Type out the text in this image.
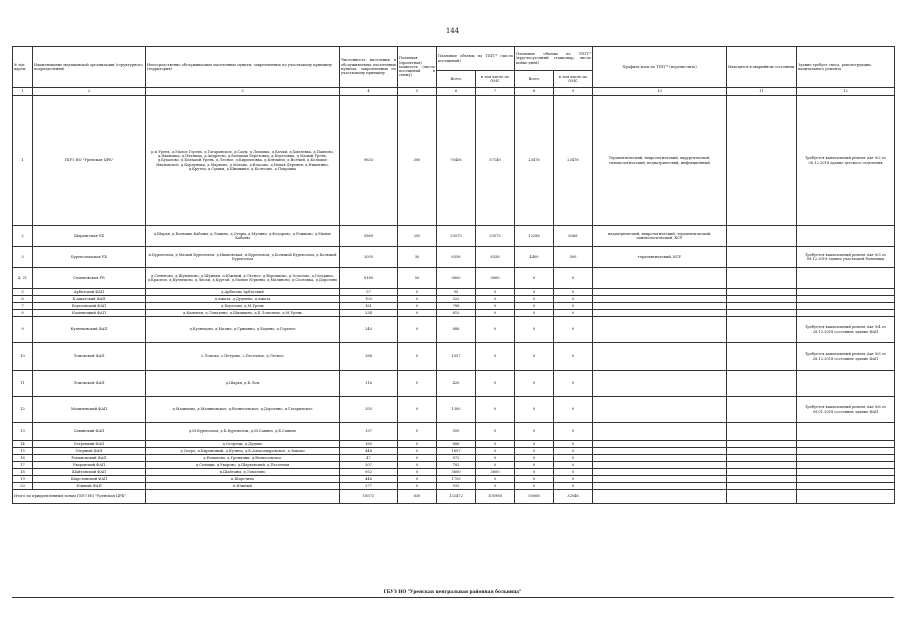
144
№ п/п карты	Наименование медицинской организации (структурного подразделения)	Непосредственно обслуживаемые населенные пункты, закрепленные по участковому принципу (территория)	Численность населения в обслуживаемых населенных пунктах, закрепленных по участковому принципу	Плановая (проектная) мощность (число посещений в смену)	Плановые объемы по ТПГГ* (число посещений)		Плановые объемы по ТПГГ* (круглосуточный стационар, число койко-дней)		Профиль коек по ТПГГ* (перечислить)	Находится в аварийном состоянии	Здание требует сноса, реконструкции, капитального ремонта
					Всего	в том числе по ОМС	Всего	в том числе по ОМС			
1	2	3	4	5	6	7	8	9	10	11	12
1	ГБУЗ НО "Уренская ЦРБ"	р.п.Урень, д.Малое Горево, д.Гагаринское, д.Сады, д.Ломовка, д.Кочки, д.Хмелевка, д.Павлово, д.Ивановка, д.Пятница, д.Андреево, д.Большая Березовка, д.Березовка, д.Малый Урень, д.Бухалово, д.Большой Урень, д.Лесное, д.Кирилловка, д.Клюкино, д.Волчий, д.Большое Ивановское, д.Карпуниха, д.Марково, д.Мохово, д.Власово, д.Новая Деревня, д.Никитино, д.Крутец, д.Сушки, д.Шишкино, д.Колесово, д.Покровка	9633	300	70456	57149	23478	23478	Терапевтический, неврологический, хирургический, гинекологический, педиатрический, инфекционный		Требуется капитальный ремонт Акт №2 от 08.12.2018 здание детского отделения
2	Шарангская УБ	д.Шарья, д.Большие Кабаны, д.Лапино, д.Отары, д.Мулино, д.Федорово, д.Рожково, д.Малые Кабаны	5869	250	33575	33575	12288	8368	педиатрический, неврологический, терапевтический, гинекологический, КСУ		
3	Буреполомская УБ	п.Буреполом, д.Малый Буреполом, д.Ивановская, п.Буреполом, д.Большой Буреполом, д.Большой Буреполом	2055	30	8358	8358	4400	500	терапевтический, КСУ		Требуется капитальный ремонт Акт №3 от 08.12.2018 здание участковой больницы
4, 21	Семеновская УБ	д.Семеново, д.Шумилово, д.Шумихи, п.Южный, д.Лесное, д.Воронцово, д.Золотово, д.Гагарино, д.Красное, д.Кузнецово, д.Лисьи, д.Крутой, д.Малые Юрьевы, д.Малиново, д.Сосновка, д.Дорогино	8189	50	3600	3600	0	0			
5	Арбатский ФАП	д.Арбатово Арбатский	57	0	95	0	0	0			
6	Б.Ашатский ФАП	д.Ашата, д.Дудыево, д.Ашата	103	0	322	0	0	0			
7	Березовский ФАП	д.Березово, д.М.Урень	161	0	788	0	0	0			
8	Каменецкий ФАП	д.Каменец, д.Лопатино, д.Шишкино, д.Б.Лопатино, д.М.Урень	234	0	815	0	0	0			
9	Кузнецовский ФАП	д.Кузнецово, д.Малые, д.Гришино, д.Кадино, д.Горелое	240	0	888	0	0	0			Требуется капитальный ремонт Акт №4 от 28.12.2018 состояние здание ФАП
10	Ломовской ФАП	с.Ломово, с.Петрово, с.Песочное, д.Лесное	288	0	1057	0	0	0			Требуется капитальный ремонт Акт №5 от 28.12.2018 состояние здание ФАП
11	Ломовской ФАП	д.Шарья, д.Б.Лом	116	0	420	0	0	0			
12	Малиновский ФАП	д.Малиново, д.Малиновское, д.Вознесенское, д.Дорогино, п.Гагаринское	355	0	1300	0	0	0			Требуется капитальный ремонт Акт №6 от 09.01.2018 состояние здание ФАП
13	Савинский ФАП	д.М.Буреполом, д.Б.Буреполом, д.М.Савино, д.Б.Савино	137	0	500	0	0	0			
14	Острецкий ФАП	д.Острецы, д.Дудино	185	0	686	0	0	0			
15	Озерный ФАП	д.Озеро, п.Кирпичный, д.Кузнец, д.Б.Александровское, д.Зыково	448	0	1657	0	0	0			
16	Романовский ФАП	д.Романово, д.Гремячки, д.Вознесенское	47	0	872	0	0	0			
17	Уваровский ФАП	д.Селищи, д.Уварово, д.Шарьевский, д.Песочная	207	0	782	0	0	0			
18	Шайтанский ФАП	п.Шайтаны, д.Лопатино	952	0	3600	3600	0	0			
19	Шарстинский ФАП	п.Шарстино	446	0	1759	0	0	0			
20	Южный ФАП	п.Южный	277	0	932	0	0	0			
Итого по прикрепленным зонам ГБУЗ НО "Уренская ЦРБ"			18572	630	132472	105988	50068	32046			
ГБУЗ НО "Уренская центральная районная больница"
